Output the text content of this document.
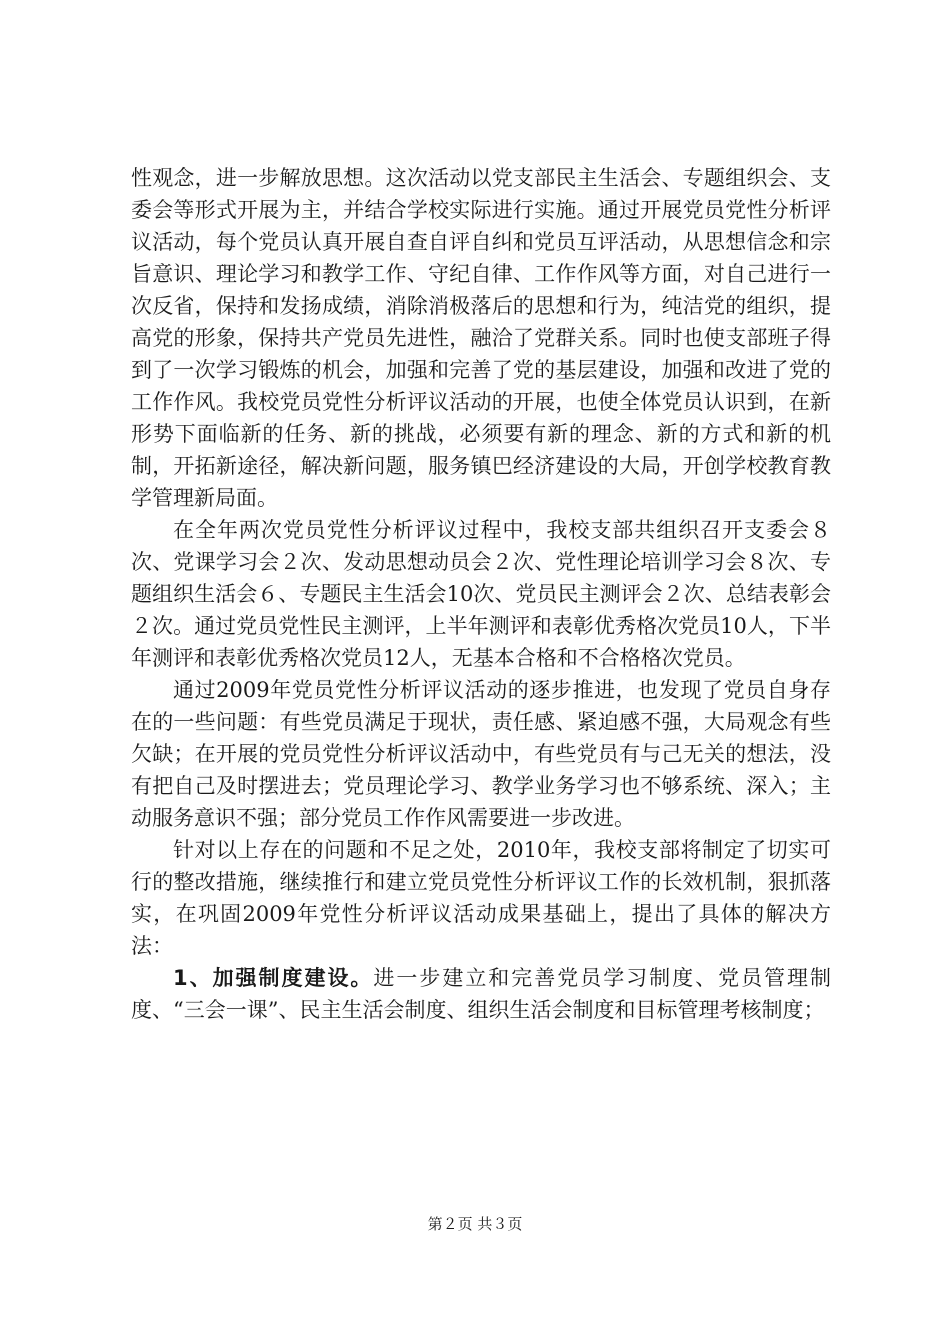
性观念，进一步解放思想。这次活动以党支部民主生活会、专题组织会、支委会等形式开展为主，并结合学校实际进行实施。通过开展党员党性分析评议活动，每个党员认真开展自查自评自纠和党员互评活动，从思想信念和宗旨意识、理论学习和教学工作、守纪自律、工作作风等方面，对自己进行一次反省，保持和发扬成绩，消除消极落后的思想和行为，纯洁党的组织，提高党的形象，保持共产党员先进性，融洽了党群关系。同时也使支部班子得到了一次学习锻炼的机会，加强和完善了党的基层建设，加强和改进了党的工作作风。我校党员党性分析评议活动的开展，也使全体党员认识到，在新形势下面临新的任务、新的挑战，必须要有新的理念、新的方式和新的机制，开拓新途径，解决新问题，服务镇巴经济建设的大局，开创学校教育教学管理新局面。

在全年两次党员党性分析评议过程中，我校支部共组织召开支委会８次、党课学习会２次、发动思想动员会２次、党性理论培训学习会８次、专题组织生活会６、专题民主生活会10次、党员民主测评会２次、总结表彰会２次。通过党员党性民主测评，上半年测评和表彰优秀格次党员10人，下半年测评和表彰优秀格次党员12人，无基本合格和不合格格次党员。

通过2009年党员党性分析评议活动的逐步推进，也发现了党员自身存在的一些问题：有些党员满足于现状，责任感、紧迫感不强，大局观念有些欠缺；在开展的党员党性分析评议活动中，有些党员有与己无关的想法，没有把自己及时摆进去；党员理论学习、教学业务学习也不够系统、深入；主动服务意识不强；部分党员工作作风需要进一步改进。

针对以上存在的问题和不足之处，2010年，我校支部将制定了切实可行的整改措施，继续推行和建立党员党性分析评议工作的长效机制，狠抓落实，在巩固2009年党性分析评议活动成果基础上，提出了具体的解决方法：

1、加强制度建设。进一步建立和完善党员学习制度、党员管理制度、“三会一课”、民主生活会制度、组织生活会制度和目标管理考核制度；

第２页 共３页
